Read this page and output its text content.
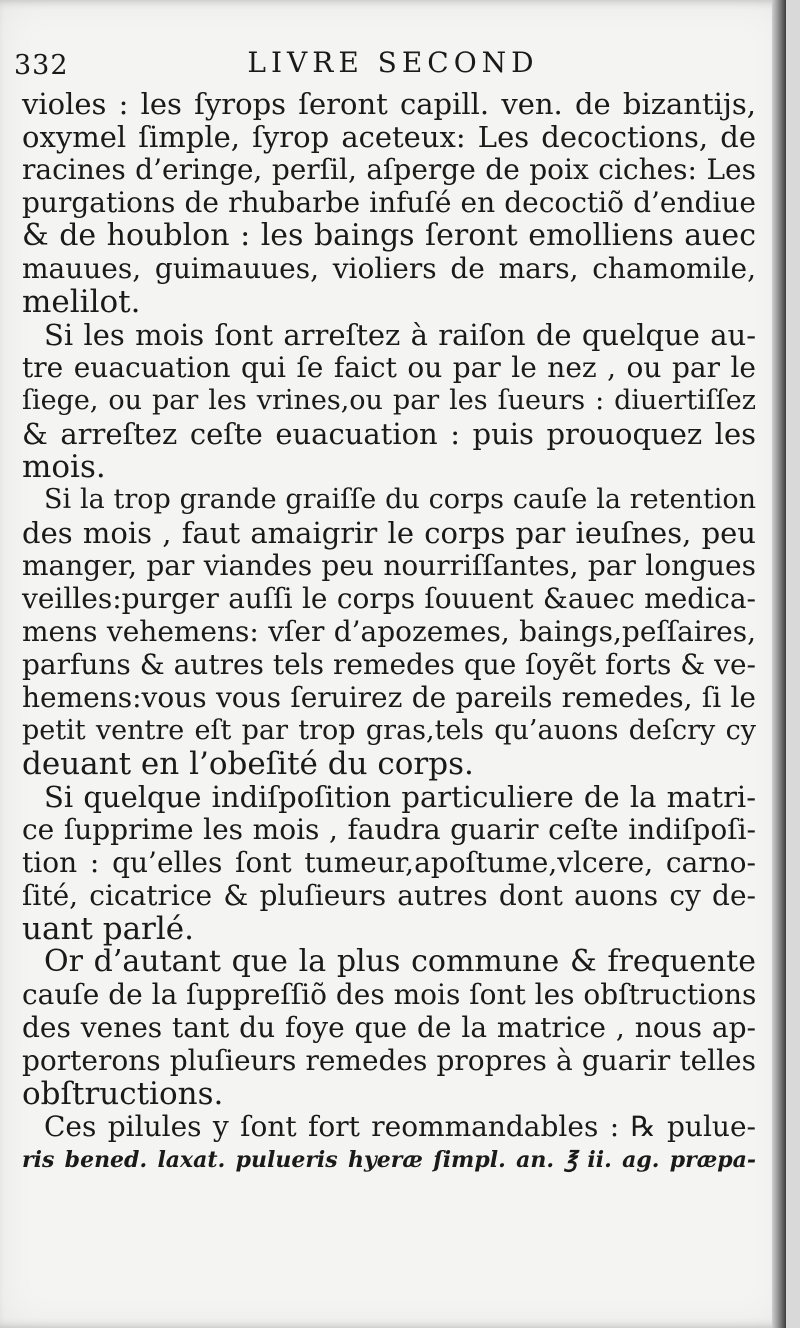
332	LIVRE SECOND
violes : les ſyrops ſeront capill. ven. de bizantijs,
oxymel ſimple, ſyrop aceteux: Les decoctions, de
racines d’eringe, perſil, aſperge de poix ciches: Les
purgations de rhubarbe infuſé en decoctiõ d’endiue
& de houblon : les baings ſeront emolliens auec
mauues, guimauues, violiers de mars, chamomile,
melilot.
Si les mois ſont arreſtez à raiſon de quelque au-
tre euacuation qui ſe faict ou par le nez , ou par le
ſiege, ou par les vrines,ou par les ſueurs : diuertiſſez
& arreſtez ceſte euacuation : puis prouoquez les
mois.
Si la trop grande graiſſe du corps cauſe la retention
des mois , faut amaigrir le corps par ieuſnes, peu
manger, par viandes peu nourriſſantes, par longues
veilles:purger auſſi le corps ſouuent &auec medica-
mens vehemens: vſer d’apozemes, baings,peſſaires,
parfuns & autres tels remedes que ſoyẽt forts & ve-
hemens:vous vous ſeruirez de pareils remedes, ſi le
petit ventre eſt par trop gras,tels qu’auons deſcry cy
deuant en l’obeſité du corps.
Si quelque indiſpoſition particuliere de la matri-
ce ſupprime les mois , faudra guarir ceſte indiſpoſi-
tion : qu’elles ſont tumeur,apoſtume,vlcere, carno-
ſité, cicatrice & pluſieurs autres dont auons cy de-
uant parlé.
Or d’autant que la plus commune & frequente
cauſe de la ſuppreſſiõ des mois ſont les obſtructions
des venes tant du foye que de la matrice , nous ap-
porterons pluſieurs remedes propres à guarir telles
obſtructions.
Ces pilules y ſont fort reommandables : ℞ pulue-
ris bened. laxat. pulueris hyeræ ſimpl. an. ℥ ii. ag. præpa-
